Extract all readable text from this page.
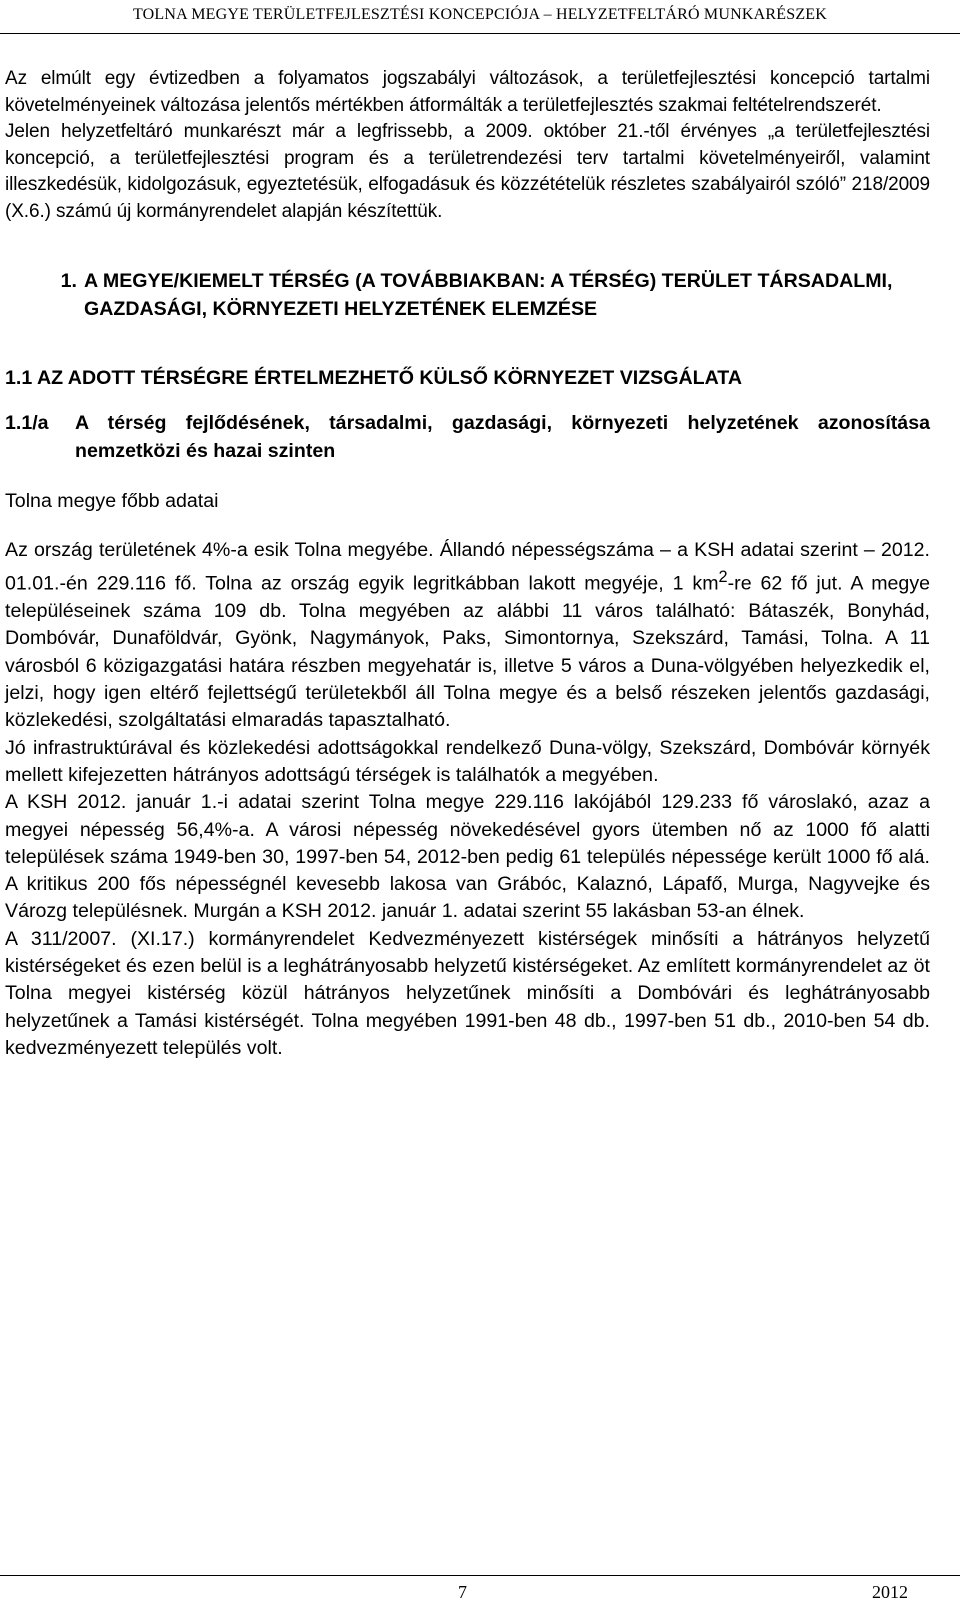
TOLNA MEGYE TERÜLETFEJLESZTÉSI KONCEPCIÓJA – HELYZETFELTÁRÓ MUNKARÉSZEK

Az elmúlt egy évtizedben a folyamatos jogszabályi változások, a területfejlesztési koncepció tartalmi követelményeinek változása jelentős mértékben átformálták a területfejlesztés szakmai feltételrendszerét.

Jelen helyzetfeltáró munkarészt már a legfrissebb, a 2009. október 21.-től érvényes „a területfejlesztési koncepció, a területfejlesztési program és a területrendezési terv tartalmi követelményeiről, valamint illeszkedésük, kidolgozásuk, egyeztetésük, elfogadásuk és közzétételük részletes szabályairól szóló” 218/2009 (X.6.) számú új kormányrendelet alapján készítettük.

1. A MEGYE/KIEMELT TÉRSÉG (A TOVÁBBIAKBAN: A TÉRSÉG) TERÜLET TÁRSADALMI, GAZDASÁGI, KÖRNYEZETI HELYZETÉNEK ELEMZÉSE
1.1 AZ ADOTT TÉRSÉGRE ÉRTELMEZHETŐ KÜLSŐ KÖRNYEZET VIZSGÁLATA
1.1/a	A térség fejlődésének, társadalmi, gazdasági, környezeti helyzetének azonosítása nemzetközi és hazai szinten
Tolna megye főbb adatai

Az ország területének 4%-a esik Tolna megyébe. Állandó népességszáma – a KSH adatai szerint – 2012. 01.01.-én 229.116 fő. Tolna az ország egyik legritkábban lakott megyéje, 1 $km^2-re$ 62 fő jut. A megye településeinek száma 109 db. Tolna megyében az alábbi 11 város található: Bátaszék, Bonyhád, Dombóvár, Dunaföldvár, Gyönk, Nagymányok, Paks, Simontornya, Szekszárd, Tamási, Tolna. A 11 városból 6 közigazgatási határa részben megyehatár is, illetve 5 város a Duna-völgyében helyezkedik el, jelzi, hogy igen eltérő fejlettségű területekből áll Tolna megye és a belső részeken jelentős gazdasági, közlekedési, szolgáltatási elmaradás tapasztalható.

Jó infrastruktúrával és közlekedési adottságokkal rendelkező Duna-völgy, Szekszárd, Dombóvár környék mellett kifejezetten hátrányos adottságú térségek is találhatók a megyében.

A KSH 2012. január 1.-i adatai szerint Tolna megye 229.116 lakójából 129.233 fő városlakó, azaz a megyei népesség 56,4%-a. A városi népesség növekedésével gyors ütemben nő az 1000 fő alatti települések száma 1949-ben 30, 1997-ben 54, 2012-ben pedig 61 település népessége került 1000 fő alá. A kritikus 200 fős népességnél kevesebb lakosa van Grábóc, Kalaznó, Lápafő, Murga, Nagyvejke és Vározg településnek. Murgán a KSH 2012. január 1. adatai szerint 55 lakásban 53-an élnek.

A 311/2007. (XI.17.) kormányrendelet Kedvezményezett kistérségek minősíti a hátrányos helyzetű kistérségeket és ezen belül is a leghátrányosabb helyzetű kistérségeket. Az említett kormányrendelet az öt Tolna megyei kistérség közül hátrányos helyzetűnek minősíti a Dombóvári és leghátrányosabb helyzetűnek a Tamási kistérségét. Tolna megyében 1991-ben 48 db., 1997-ben 51 db., 2010-ben 54 db. kedvezményezett település volt.

7	2012
